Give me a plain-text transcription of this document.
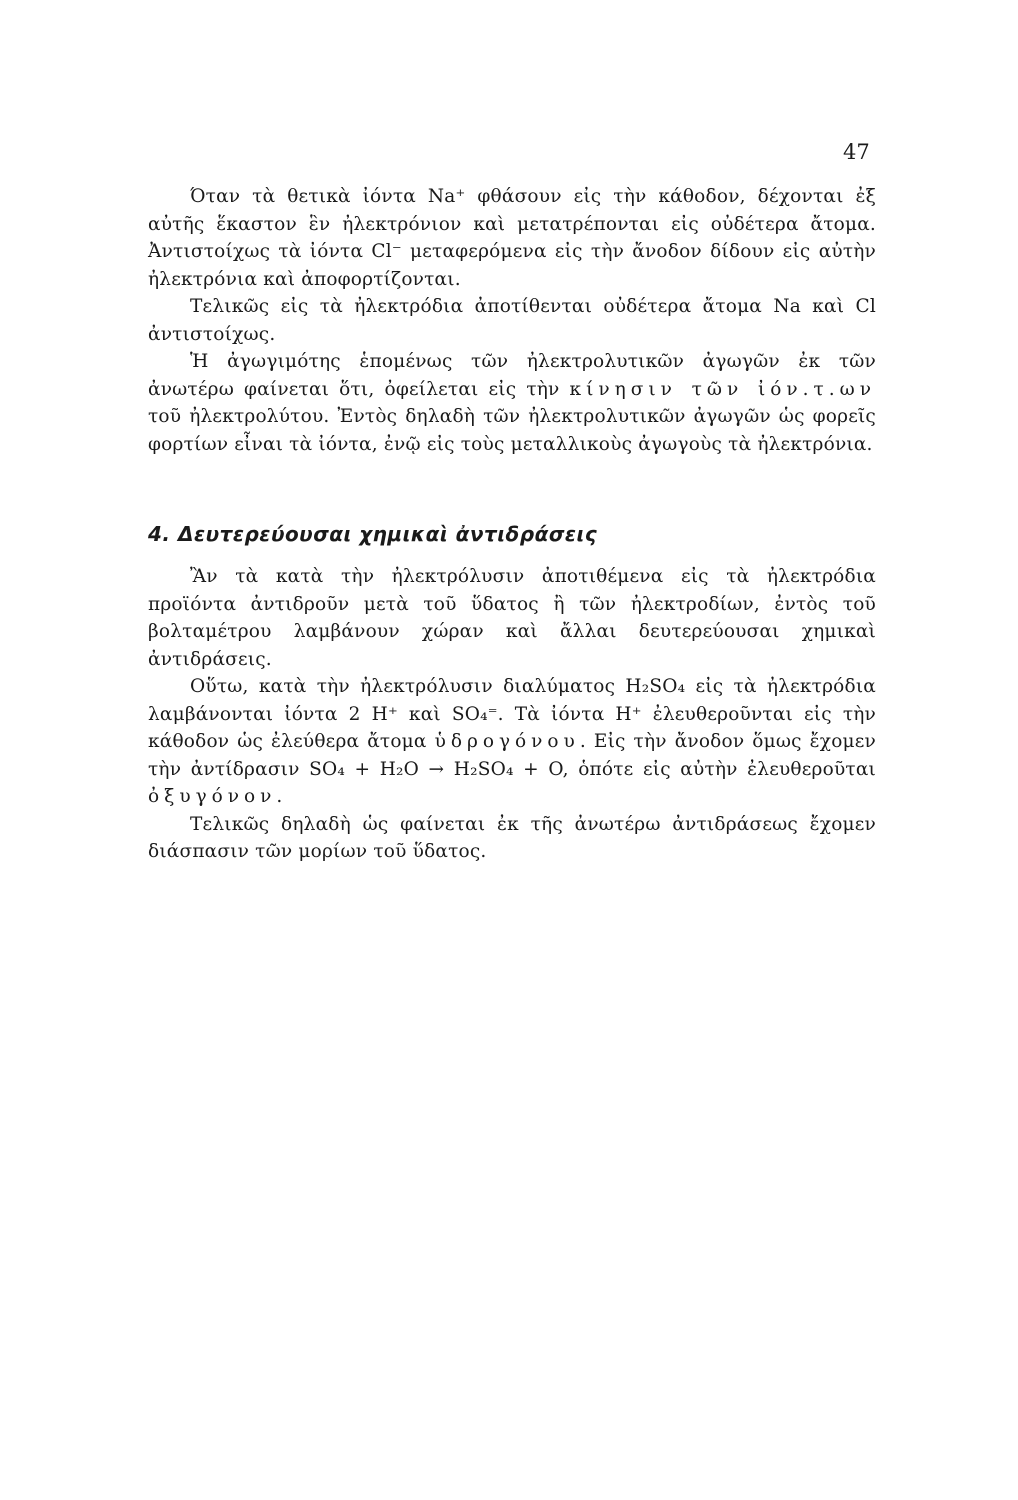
47

Όταν τὰ θετικὰ ἰόντα Na⁺ φθάσουν εἰς τὴν κάθοδον, δέχονται ἐξ αὐτῆς ἕκαστον ἓν ἠλεκτρόνιον καὶ μετατρέπονται εἰς οὐδέτερα ἄτομα. Ἀντιστοίχως τὰ ἰόντα Cl⁻ μεταφερόμενα εἰς τὴν ἄνοδον δίδουν εἰς αὐτὴν ἠλεκτρόνια καὶ ἀποφορτίζονται.

Τελικῶς εἰς τὰ ἠλεκτρόδια ἀποτίθενται οὐδέτερα ἄτομα Na καὶ Cl ἀντιστοίχως.

Ἡ ἀγωγιμότης ἑπομένως τῶν ἠλεκτρολυτικῶν ἀγωγῶν ἐκ τῶν ἀνωτέρω φαίνεται ὅτι, ὀφείλεται εἰς τὴν κίνησιν τῶν ἰόν.τ.ων τοῦ ἠλεκτρολύτου. Ἐντὸς δηλαδὴ τῶν ἠλεκτρολυτικῶν ἀγωγῶν ὡς φορεῖς φορτίων εἶναι τὰ ἰόντα, ἐνῷ εἰς τοὺς μεταλλικοὺς ἀγωγοὺς τὰ ἠλεκτρόνια.

4. Δευτερεύουσαι χημικαὶ ἀντιδράσεις

Ἂν τὰ κατὰ τὴν ἠλεκτρόλυσιν ἀποτιθέμενα εἰς τὰ ἠλεκτρόδια προϊόντα ἀντιδροῦν μετὰ τοῦ ὕδατος ἢ τῶν ἠλεκτροδίων, ἐντὸς τοῦ βολταμέτρου λαμβάνουν χώραν καὶ ἄλλαι δευτερεύουσαι χημικαὶ ἀντιδράσεις.

Οὕτω, κατὰ τὴν ἠλεκτρόλυσιν διαλύματος H₂SO₄ εἰς τὰ ἠλεκτρόδια λαμβάνονται ἰόντα 2 H⁺ καὶ SO₄⁼. Τὰ ἰόντα H⁺ ἐλευθεροῦνται εἰς τὴν κάθοδον ὡς ἐλεύθερα ἄτομα ὑδρογόνου. Εἰς τὴν ἄνοδον ὅμως ἔχομεν τὴν ἀντίδρασιν SO₄ + H₂O → H₂SO₄ + O, ὁπότε εἰς αὐτὴν ἐλευθεροῦται ὀξυγόνον.

Τελικῶς δηλαδὴ ὡς φαίνεται ἐκ τῆς ἀνωτέρω ἀντιδράσεως ἔχομεν διάσπασιν τῶν μορίων τοῦ ὕδατος.
